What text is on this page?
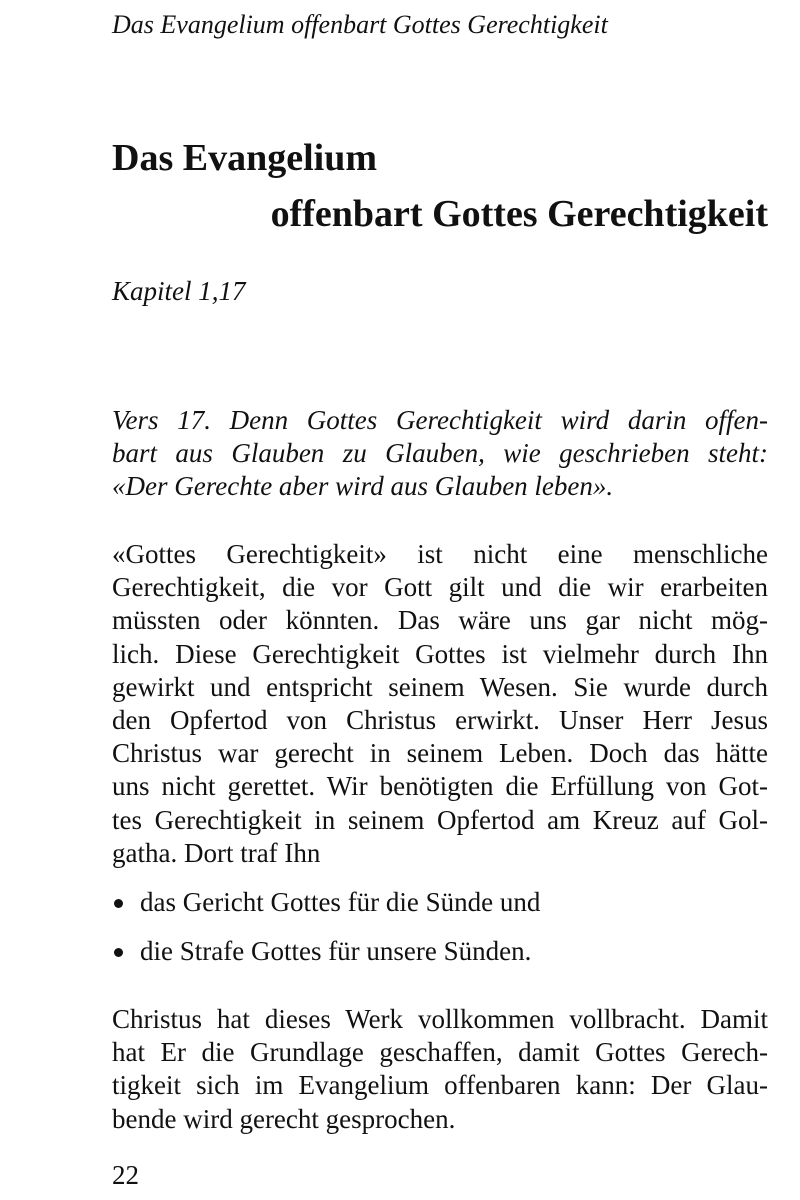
Das Evangelium offenbart Gottes Gerechtigkeit

Das Evangelium
offenbart Gottes Gerechtigkeit

Kapitel 1,17

Vers 17. Denn Gottes Gerechtigkeit wird darin offen-
bart aus Glauben zu Glauben, wie geschrieben steht:
«Der Gerechte aber wird aus Glauben leben».

«Gottes Gerechtigkeit» ist nicht eine menschliche
Gerechtigkeit, die vor Gott gilt und die wir erarbeiten
müssten oder könnten. Das wäre uns gar nicht mög-
lich. Diese Gerechtigkeit Gottes ist vielmehr durch Ihn
gewirkt und entspricht seinem Wesen. Sie wurde durch
den Opfertod von Christus erwirkt. Unser Herr Jesus
Christus war gerecht in seinem Leben. Doch das hätte
uns nicht gerettet. Wir benötigten die Erfüllung von Got-
tes Gerechtigkeit in seinem Opfertod am Kreuz auf Gol-
gatha. Dort traf Ihn

das Gericht Gottes für die Sünde und
die Strafe Gottes für unsere Sünden.

Christus hat dieses Werk vollkommen vollbracht. Damit
hat Er die Grundlage geschaffen, damit Gottes Gerech-
tigkeit sich im Evangelium offenbaren kann: Der Glau-
bende wird gerecht gesprochen.

22
